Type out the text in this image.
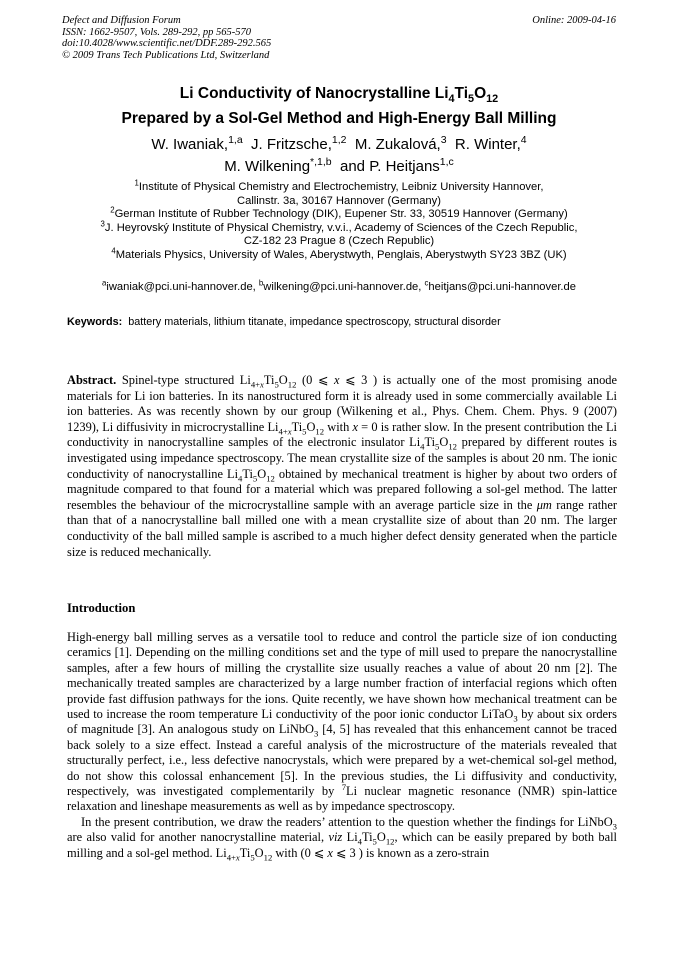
Defect and Diffusion Forum
ISSN: 1662-9507, Vols. 289-292, pp 565-570
doi:10.4028/www.scientific.net/DDF.289-292.565
© 2009 Trans Tech Publications Ltd, Switzerland
Online: 2009-04-16
Li Conductivity of Nanocrystalline $Li_4Ti_5O_{12}$
Prepared by a Sol-Gel Method and High-Energy Ball Milling
W. Iwaniak,$^{1,a}$ J. Fritzsche,$^{1,2}$ M. Zukalová,$^3$ R. Winter,$^4$
M. Wilkening$^{*,1,b}$ and P. Heitjans$^{1,c}$
$^1$Institute of Physical Chemistry and Electrochemistry, Leibniz University Hannover,
Callinstr. 3a, 30167 Hannover (Germany)
$^2$German Institute of Rubber Technology (DIK), Eupener Str. 33, 30519 Hannover (Germany)
$^3$J. Heyrovský Institute of Physical Chemistry, v.v.i., Academy of Sciences of the Czech Republic,
CZ-182 23 Prague 8 (Czech Republic)
$^4$Materials Physics, University of Wales, Aberystwyth, Penglais, Aberystwyth SY23 3BZ (UK)
$^a$iwaniak@pci.uni-hannover.de, $^b$wilkening@pci.uni-hannover.de, $^c$heitjans@pci.uni-hannover.de
Keywords: battery materials, lithium titanate, impedance spectroscopy, structural disorder
Abstract. Spinel-type structured $Li_{4+x}Ti_5O_{12}$ (0 ⩽ x ⩽ 3 ) is actually one of the most promising anode materials for Li ion batteries. In its nanostructured form it is already used in some commercially available Li ion batteries. As was recently shown by our group (Wilkening et al., Phys. Chem. Chem. Phys. 9 (2007) 1239), Li diffusivity in microcrystalline $Li_{4+x}Ti_5O_{12}$ with x = 0 is rather slow. In the present contribution the Li conductivity in nanocrystalline samples of the electronic insulator $Li_4Ti_5O_{12}$ prepared by different routes is investigated using impedance spectroscopy. The mean crystallite size of the samples is about 20 nm. The ionic conductivity of nanocrystalline $Li_4Ti_5O_{12}$ obtained by mechanical treatment is higher by about two orders of magnitude compared to that found for a material which was prepared following a sol-gel method. The latter resembles the behaviour of the microcrystalline sample with an average particle size in the μm range rather than that of a nanocrystalline ball milled one with a mean crystallite size of about than 20 nm. The larger conductivity of the ball milled sample is ascribed to a much higher defect density generated when the particle size is reduced mechanically.
Introduction

High-energy ball milling serves as a versatile tool to reduce and control the particle size of ion conducting ceramics [1]. Depending on the milling conditions set and the type of mill used to prepare the nanocrystalline samples, after a few hours of milling the crystallite size usually reaches a value of about 20 nm [2]. The mechanically treated samples are characterized by a large number fraction of interfacial regions which often provide fast diffusion pathways for the ions. Quite recently, we have shown how mechanical treatment can be used to increase the room temperature Li conductivity of the poor ionic conductor LiTaO$_3$ by about six orders of magnitude [3]. An analogous study on LiNbO$_3$ [4, 5] has revealed that this enhancement cannot be traced back solely to a size effect. Instead a careful analysis of the microstructure of the materials revealed that structurally perfect, i.e., less defective nanocrystals, which were prepared by a wet-chemical sol-gel method, do not show this colossal enhancement [5]. In the previous studies, the Li diffusivity and conductivity, respectively, was investigated complementarily by $^7$Li nuclear magnetic resonance (NMR) spin-lattice relaxation and lineshape measurements as well as by impedance spectroscopy.

In the present contribution, we draw the readers’ attention to the question whether the findings for LiNbO$_3$ are also valid for another nanocrystalline material, viz $Li_4Ti_5O_{12}$, which can be easily prepared by both ball milling and a sol-gel method. $Li_{4+x}Ti_5O_{12}$ with (0 ⩽ x ⩽ 3 ) is known as a zero-strain
